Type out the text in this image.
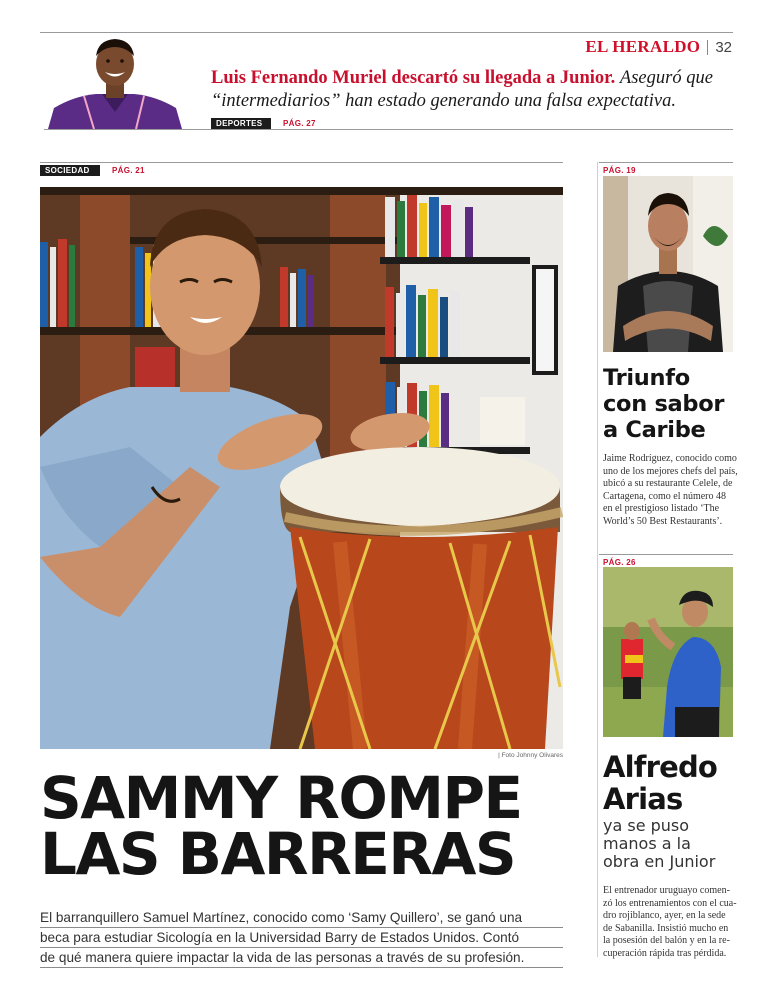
EL HERALDO 32
Luis Fernando Muriel descartó su llegada a Junior. Aseguró que
“intermediarios” han estado generando una falsa expectativa.
DEPORTES	PÁG. 27
SOCIEDAD	PÁG. 21
| Foto Johnny Olivares
SAMMY ROMPE
LAS BARRERAS
El barranquillero Samuel Martínez, conocido como ‘Samy Quillero’, se ganó una
beca para estudiar Sicología en la Universidad Barry de Estados Unidos. Contó
de qué manera quiere impactar la vida de las personas a través de su profesión.
PÁG. 19
Triunfo
con sabor
a Caribe
Jaime Rodríguez, conocido como
uno de los mejores chefs del país,
ubicó a su restaurante Celele, de
Cartagena, como el número 48
en el prestigioso listado ‘The
World’s 50 Best Restaurants’.
PÁG. 26
Alfredo
Arias
ya se puso
manos a la
obra en Junior
El entrenador uruguayo comen-
zó los entrenamientos con el cua-
dro rojiblanco, ayer, en la sede
de Sabanilla. Insistió mucho en
la posesión del balón y en la re-
cuperación rápida tras pérdida.
